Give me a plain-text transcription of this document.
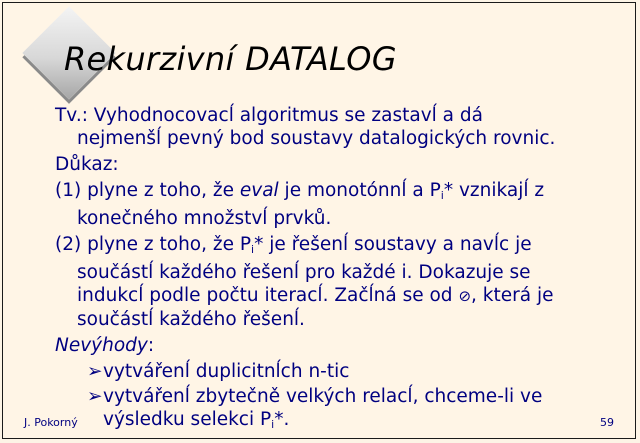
Rekurzivní DATALOG
Tv.: Vyhodnocovacĺ algoritmus se zastavĺ a dá
nejmenšĺ pevný bod soustavy datalogických rovnic.
Důkaz:
(1) plyne z toho, že eval je monotónnĺ a $P_i*$ vznikajĺ z
konečného množstvĺ prvků.
(2) plyne z toho, že $P_i*$ je řešenĺ soustavy a navĺc je
součástĺ každého řešenĺ pro každé i. Dokazuje se
indukcĺ podle počtu iteracĺ. Začĺná se od ⊘, která je
součástĺ každého řešenĺ.
Nevýhody:
➢vytvářenĺ duplicitnĺch n-tic
➢vytvářenĺ zbytečně velkých relacĺ, chceme-li ve
výsledku selekci $P_i*$.
J. Pokorný	59
